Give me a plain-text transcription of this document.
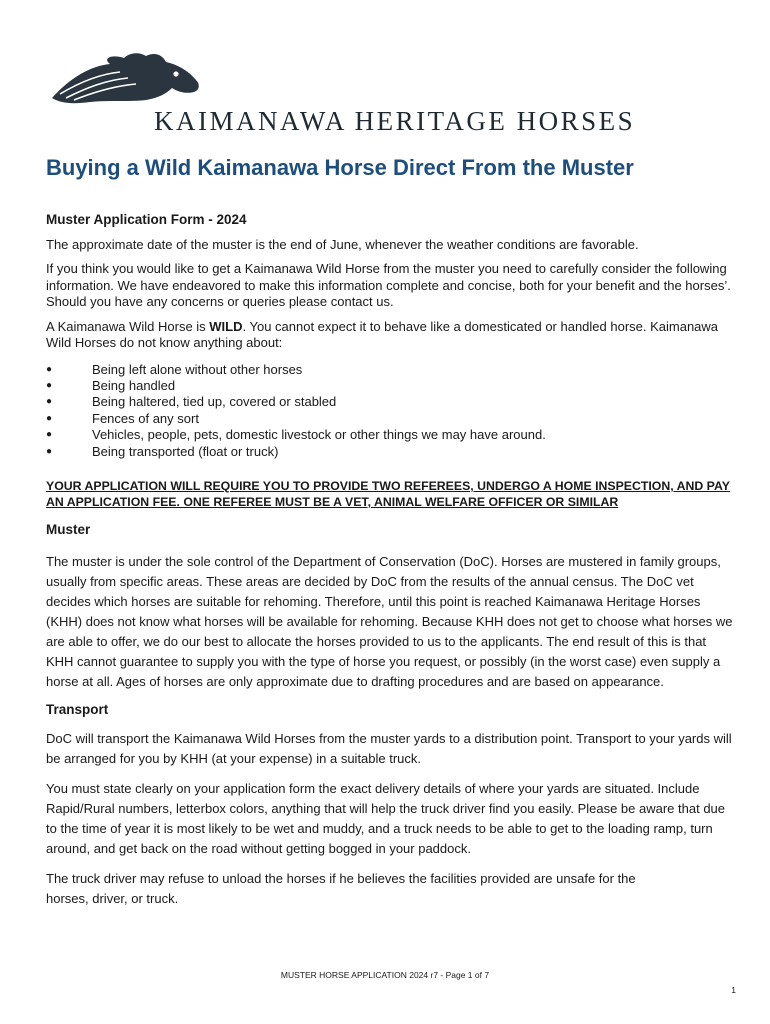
KAIMANAWA HERITAGE HORSES
Buying a Wild Kaimanawa Horse Direct From the Muster
Muster Application Form - 2024

The approximate date of the muster is the end of June, whenever the weather conditions are favorable.

If you think you would like to get a Kaimanawa Wild Horse from the muster you need to carefully consider the following information. We have endeavored to make this information complete and concise, both for your benefit and the horses’. Should you have any concerns or queries please contact us.

A Kaimanawa Wild Horse is WILD. You cannot expect it to behave like a domesticated or handled horse. Kaimanawa Wild Horses do not know anything about:

●	Being left alone without other horses
●	Being handled
●	Being haltered, tied up, covered or stabled
●	Fences of any sort
●	Vehicles, people, pets, domestic livestock or other things we may have around.
●	Being transported (float or truck)

YOUR APPLICATION WILL REQUIRE YOU TO PROVIDE TWO REFEREES, UNDERGO A HOME INSPECTION, AND PAY AN APPLICATION FEE. ONE REFEREE MUST BE A VET, ANIMAL WELFARE OFFICER OR SIMILAR

Muster

The muster is under the sole control of the Department of Conservation (DoC). Horses are mustered in family groups, usually from specific areas. These areas are decided by DoC from the results of the annual census. The DoC vet decides which horses are suitable for rehoming. Therefore, until this point is reached Kaimanawa Heritage Horses (KHH) does not know what horses will be available for rehoming. Because KHH does not get to choose what horses we are able to offer, we do our best to allocate the horses provided to us to the applicants. The end result of this is that KHH cannot guarantee to supply you with the type of horse you request, or possibly (in the worst case) even supply a horse at all. Ages of horses are only approximate due to drafting procedures and are based on appearance.

Transport

DoC will transport the Kaimanawa Wild Horses from the muster yards to a distribution point. Transport to your yards will be arranged for you by KHH (at your expense) in a suitable truck.

You must state clearly on your application form the exact delivery details of where your yards are situated. Include Rapid/Rural numbers, letterbox colors, anything that will help the truck driver find you easily. Please be aware that due to the time of year it is most likely to be wet and muddy, and a truck needs to be able to get to the loading ramp, turn around, and get back on the road without getting bogged in your paddock.

The truck driver may refuse to unload the horses if he believes the facilities provided are unsafe for the horses, driver, or truck.

MUSTER HORSE APPLICATION 2024 r7 - Page 1 of 7
1
